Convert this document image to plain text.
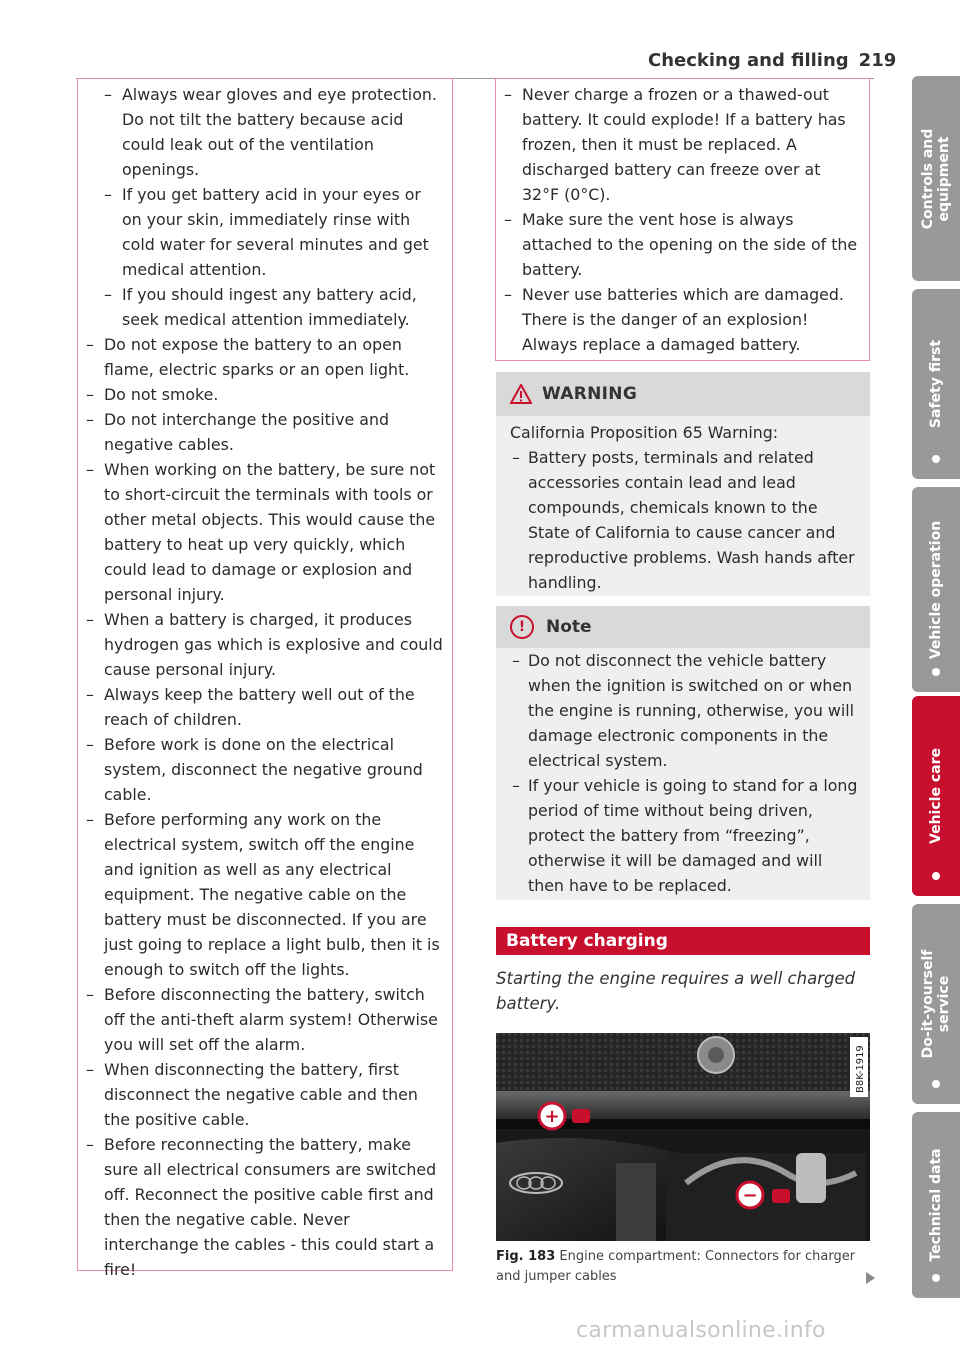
Checking and filling 219
– Always wear gloves and eye protection. Do not tilt the battery because acid could leak out of the ventilation openings.
– If you get battery acid in your eyes or on your skin, immediately rinse with cold water for several minutes and get medical attention.
– If you should ingest any battery acid, seek medical attention immediately.
– Do not expose the battery to an open flame, electric sparks or an open light.
– Do not smoke.
– Do not interchange the positive and negative cables.
– When working on the battery, be sure not to short-circuit the terminals with tools or other metal objects. This would cause the battery to heat up very quickly, which could lead to damage or explosion and personal injury.
– When a battery is charged, it produces hydrogen gas which is explosive and could cause personal injury.
– Always keep the battery well out of the reach of children.
– Before work is done on the electrical system, disconnect the negative ground cable.
– Before performing any work on the electrical system, switch off the engine and ignition as well as any electrical equipment. The negative cable on the battery must be disconnected. If you are just going to replace a light bulb, then it is enough to switch off the lights.
– Before disconnecting the battery, switch off the anti-theft alarm system! Otherwise you will set off the alarm.
– When disconnecting the battery, first disconnect the negative cable and then the positive cable.
– Before reconnecting the battery, make sure all electrical consumers are switched off. Reconnect the positive cable first and then the negative cable. Never interchange the cables - this could start a fire!
– Never charge a frozen or a thawed-out battery. It could explode! If a battery has frozen, then it must be replaced. A discharged battery can freeze over at 32°F (0°C).
– Make sure the vent hose is always attached to the opening on the side of the battery.
– Never use batteries which are damaged. There is the danger of an explosion! Always replace a damaged battery.
WARNING

California Proposition 65 Warning:

– Battery posts, terminals and related accessories contain lead and lead compounds, chemicals known to the State of California to cause cancer and reproductive problems. Wash hands after handling.
!	Note
– Do not disconnect the vehicle battery when the ignition is switched on or when the engine is running, otherwise, you will damage electronic components in the electrical system.
– If your vehicle is going to stand for a long period of time without being driven, protect the battery from “freezing”, otherwise it will be damaged and will then have to be replaced.
Battery charging

Starting the engine requires a well charged battery.

+
−
B8K-1919
Fig. 183 Engine compartment: Connectors for charger and jumper cables
Controls and equipment
Safety first
Vehicle operation
Vehicle care
Do-it-yourself service
Technical data
carmanualsonline.info
